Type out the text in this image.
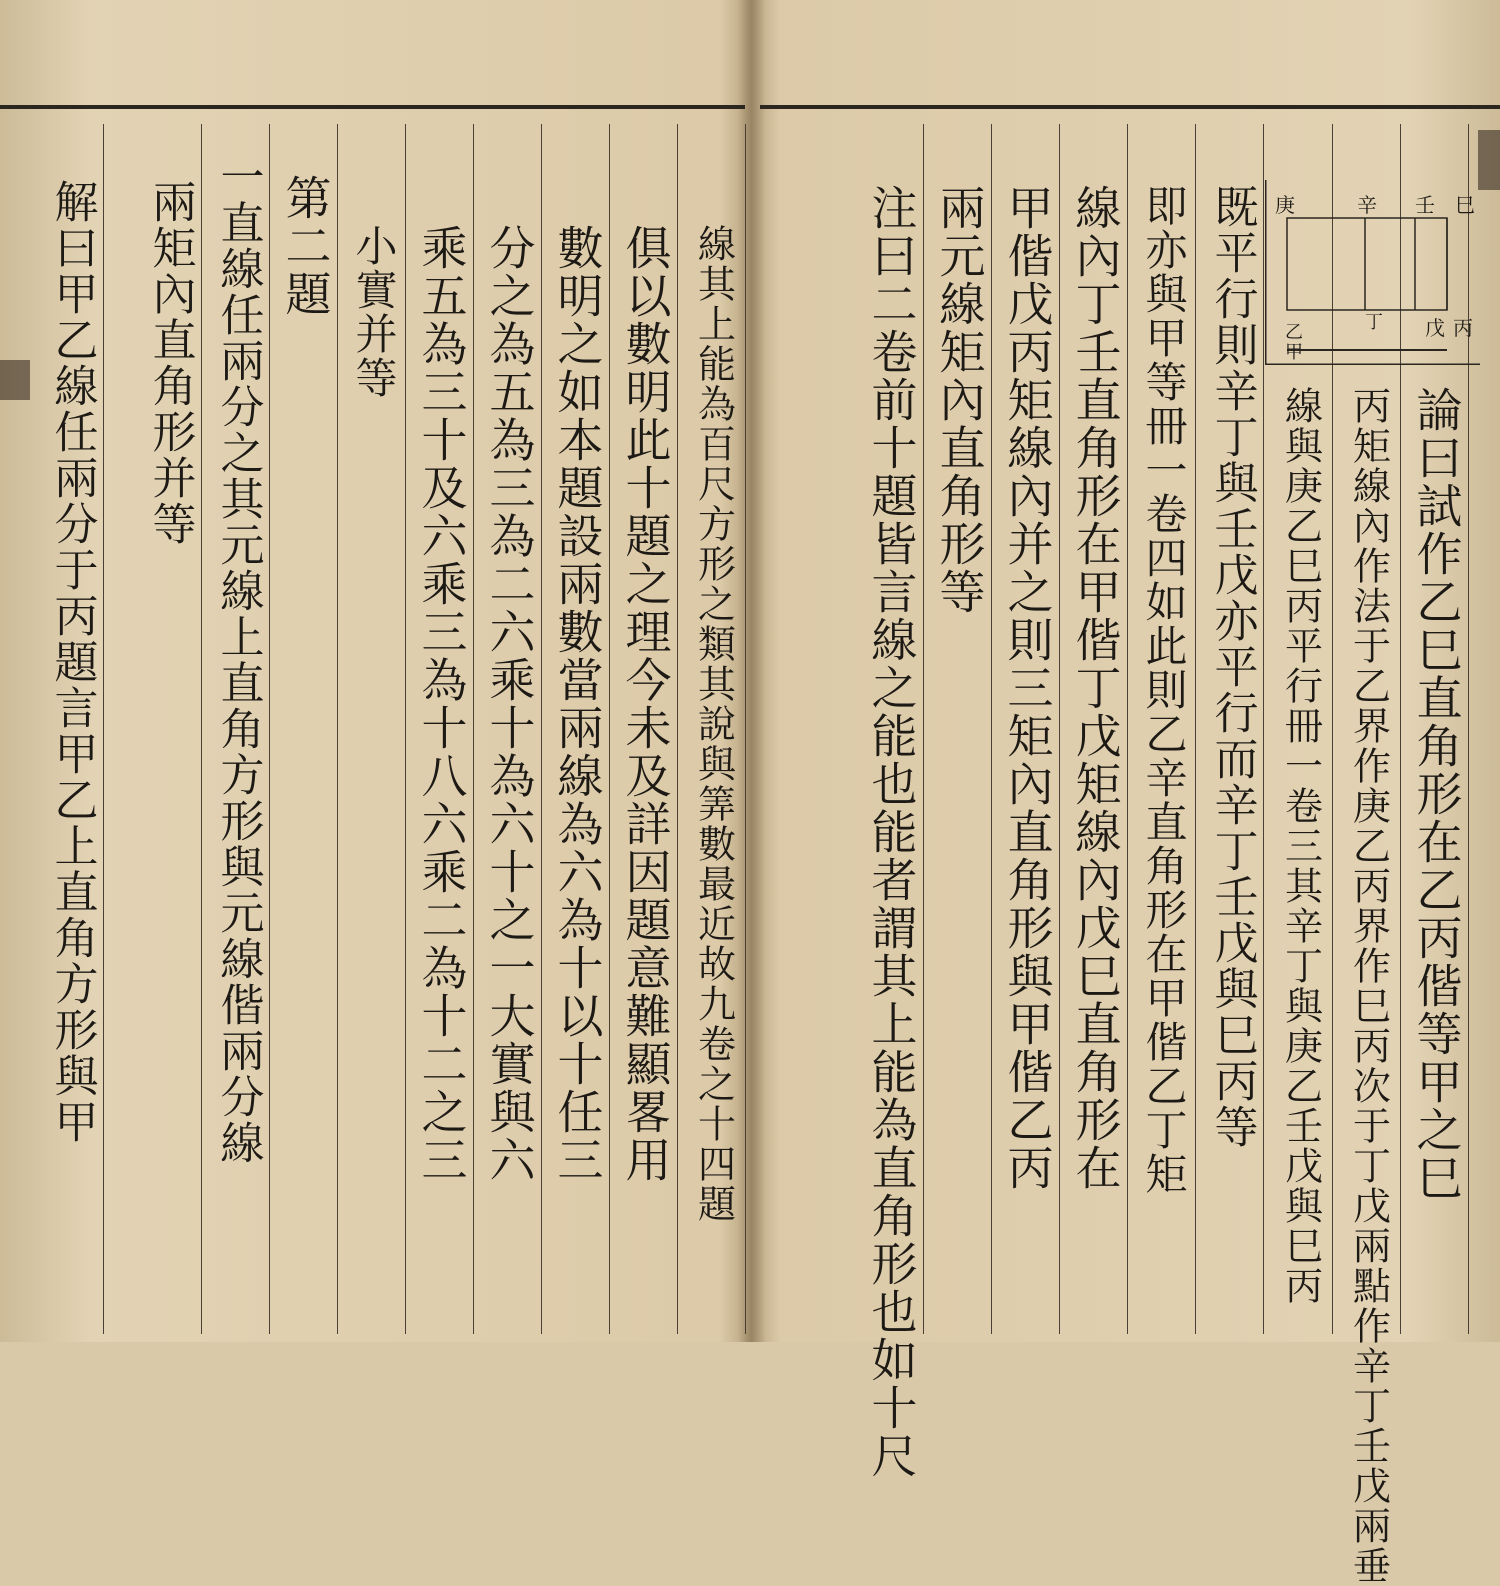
論曰試作乙巳直角形在乙丙偕等甲之巳
丙矩線內作法于乙界作庚乙丙界作巳丙次于丁戊兩點作辛丁壬戊兩垂
線與庚乙巳丙平行冊一卷三其辛丁與庚乙壬戊與巳丙
既平行則辛丁與壬戊亦平行而辛丁壬戊與巳丙等
即亦與甲等冊一卷四如此則乙辛直角形在甲偕乙丁矩
線內丁壬直角形在甲偕丁戊矩線內戊巳直角形在
甲偕戊丙矩線內并之則三矩內直角形與甲偕乙丙
兩元線矩內直角形等
注曰二卷前十題皆言線之能也能者謂其上能為直角形也如十尺	巳
壬
辛
庚
丙
戊
丁
乙
甲
線其上能為百尺方形之類其說與筭數最近故九卷之十四題
俱以數明此十題之理今未及詳因題意難顯畧用
數明之如本題設兩數當兩線為六為十以十任三
分之為五為三為二六乘十為六十之一大實與六
乘五為三十及六乘三為十八六乘二為十二之三
小實并等
第二題
一直線任兩分之其元線上直角方形與元線偕兩分線
兩矩內直角形并等
解曰甲乙線任兩分于丙題言甲乙上直角方形與甲
